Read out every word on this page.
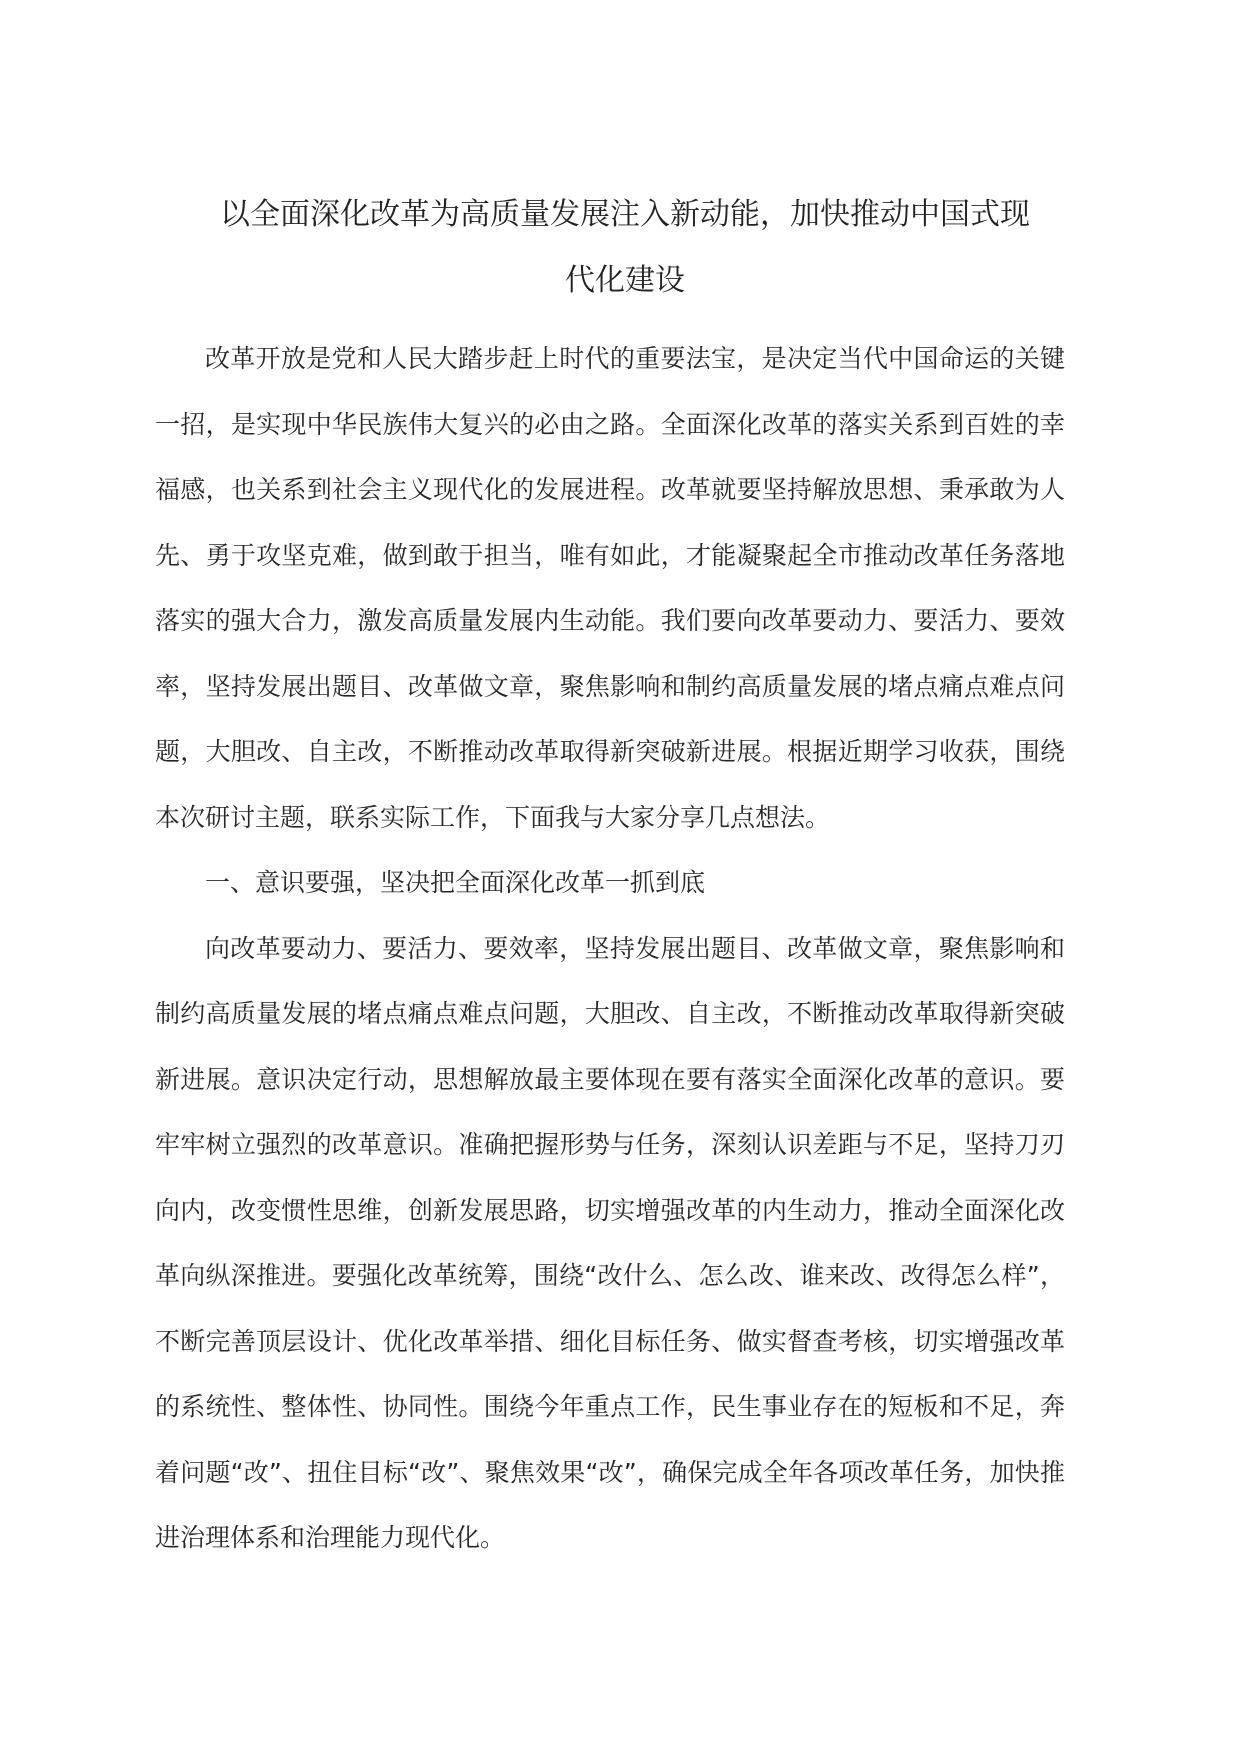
以全面深化改革为高质量发展注入新动能，加快推动中国式现
代化建设

改革开放是党和人民大踏步赶上时代的重要法宝，是决定当代中国命运的关键一招，是实现中华民族伟大复兴的必由之路。全面深化改革的落实关系到百姓的幸福感，也关系到社会主义现代化的发展进程。改革就要坚持解放思想、秉承敢为人先、勇于攻坚克难，做到敢于担当，唯有如此，才能凝聚起全市推动改革任务落地落实的强大合力，激发高质量发展内生动能。我们要向改革要动力、要活力、要效率，坚持发展出题目、改革做文章，聚焦影响和制约高质量发展的堵点痛点难点问题，大胆改、自主改，不断推动改革取得新突破新进展。根据近期学习收获，围绕本次研讨主题，联系实际工作，下面我与大家分享几点想法。

一、意识要强，坚决把全面深化改革一抓到底

向改革要动力、要活力、要效率，坚持发展出题目、改革做文章，聚焦影响和制约高质量发展的堵点痛点难点问题，大胆改、自主改，不断推动改革取得新突破新进展。意识决定行动，思想解放最主要体现在要有落实全面深化改革的意识。要牢牢树立强烈的改革意识。准确把握形势与任务，深刻认识差距与不足，坚持刀刃向内，改变惯性思维，创新发展思路，切实增强改革的内生动力，推动全面深化改革向纵深推进。要强化改革统筹，围绕“改什么、怎么改、谁来改、改得怎么样”，不断完善顶层设计、优化改革举措、细化目标任务、做实督查考核，切实增强改革的系统性、整体性、协同性。围绕今年重点工作，民生事业存在的短板和不足，奔着问题“改”、扭住目标“改”、聚焦效果“改”，确保完成全年各项改革任务，加快推进治理体系和治理能力现代化。
